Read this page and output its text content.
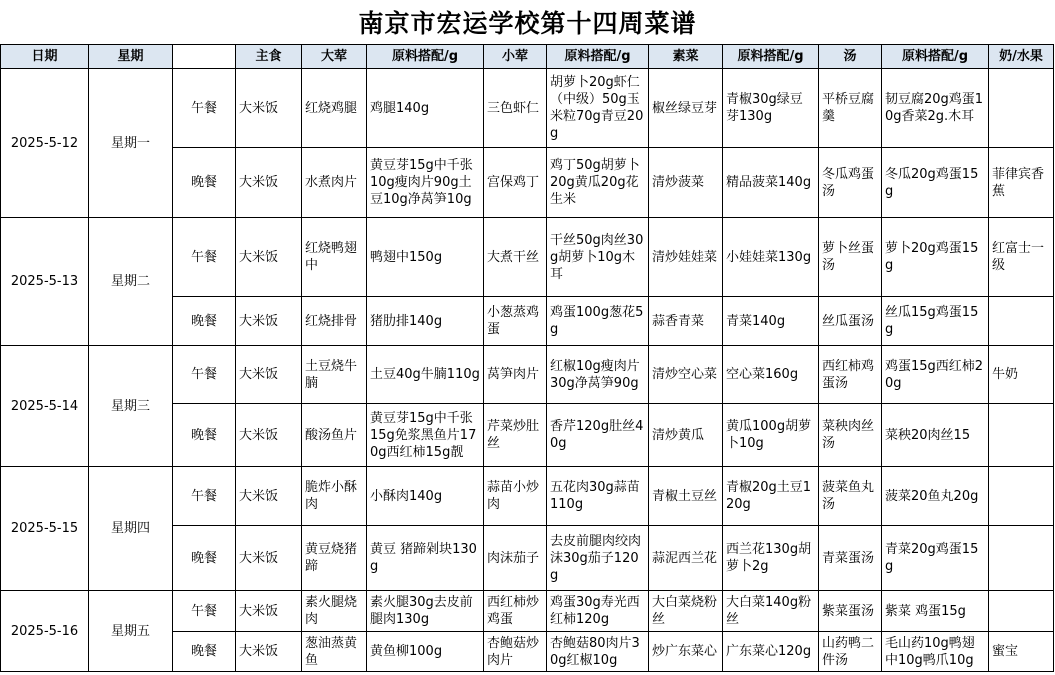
南京市宏运学校第十四周菜谱
日期	星期		主食	大荤	原料搭配/g	小荤	原料搭配/g	素菜	原料搭配/g	汤	原料搭配/g	奶/水果
2025-5-12	星期一	午餐	大米饭	红烧鸡腿	鸡腿140g	三色虾仁	胡萝卜20g虾仁（中级）50g玉米粒70g青豆20g	椒丝绿豆芽	青椒30g绿豆芽130g	平桥豆腐羹	韧豆腐20g鸡蛋10g香菜2g.木耳	
		晚餐	大米饭	水煮肉片	黄豆芽15g中千张10g瘦肉片90g土豆10g净莴笋10g	宫保鸡丁	鸡丁50g胡萝卜20g黄瓜20g花生米	清炒菠菜	精品菠菜140g	冬瓜鸡蛋汤	冬瓜20g鸡蛋15g	菲律宾香蕉
2025-5-13	星期二	午餐	大米饭	红烧鸭翅中	鸭翅中150g	大煮干丝	干丝50g肉丝30g胡萝卜10g木耳	清炒娃娃菜	小娃娃菜130g	萝卜丝蛋汤	萝卜20g鸡蛋15g	红富士一级
		晚餐	大米饭	红烧排骨	猪肋排140g	小葱蒸鸡蛋	鸡蛋100g葱花5g	蒜香青菜	青菜140g	丝瓜蛋汤	丝瓜15g鸡蛋15g	
2025-5-14	星期三	午餐	大米饭	土豆烧牛腩	土豆40g牛腩110g	莴笋肉片	红椒10g瘦肉片30g净莴笋90g	清炒空心菜	空心菜160g	西红柿鸡蛋汤	鸡蛋15g西红柿20g	牛奶
		晚餐	大米饭	酸汤鱼片	黄豆芽15g中千张15g免浆黑鱼片170g西红柿15g靓	芹菜炒肚丝	香芹120g肚丝40g	清炒黄瓜	黄瓜100g胡萝卜10g	菜秧肉丝汤	菜秧20肉丝15	
2025-5-15	星期四	午餐	大米饭	脆炸小酥肉	小酥肉140g	蒜苗小炒肉	五花肉30g蒜苗110g	青椒土豆丝	青椒20g土豆120g	菠菜鱼丸汤	菠菜20鱼丸20g	
		晚餐	大米饭	黄豆烧猪蹄	黄豆 猪蹄剁块130g	肉沫茄子	去皮前腿肉绞肉沫30g茄子120g	蒜泥西兰花	西兰花130g胡萝卜2g	青菜蛋汤	青菜20g鸡蛋15g	
2025-5-16	星期五	午餐	大米饭	素火腿烧肉	素火腿30g去皮前腿肉130g	西红柿炒鸡蛋	鸡蛋30g寿光西红柿120g	大白菜烧粉丝	大白菜140g粉丝	紫菜蛋汤	紫菜 鸡蛋15g	
		晚餐	大米饭	葱油蒸黄鱼	黄鱼柳100g	杏鲍菇炒肉片	杏鲍菇80肉片30g红椒10g	炒广东菜心	广东菜心120g	山药鸭二件汤	毛山药10g鸭翅中10g鸭爪10g	蜜宝
